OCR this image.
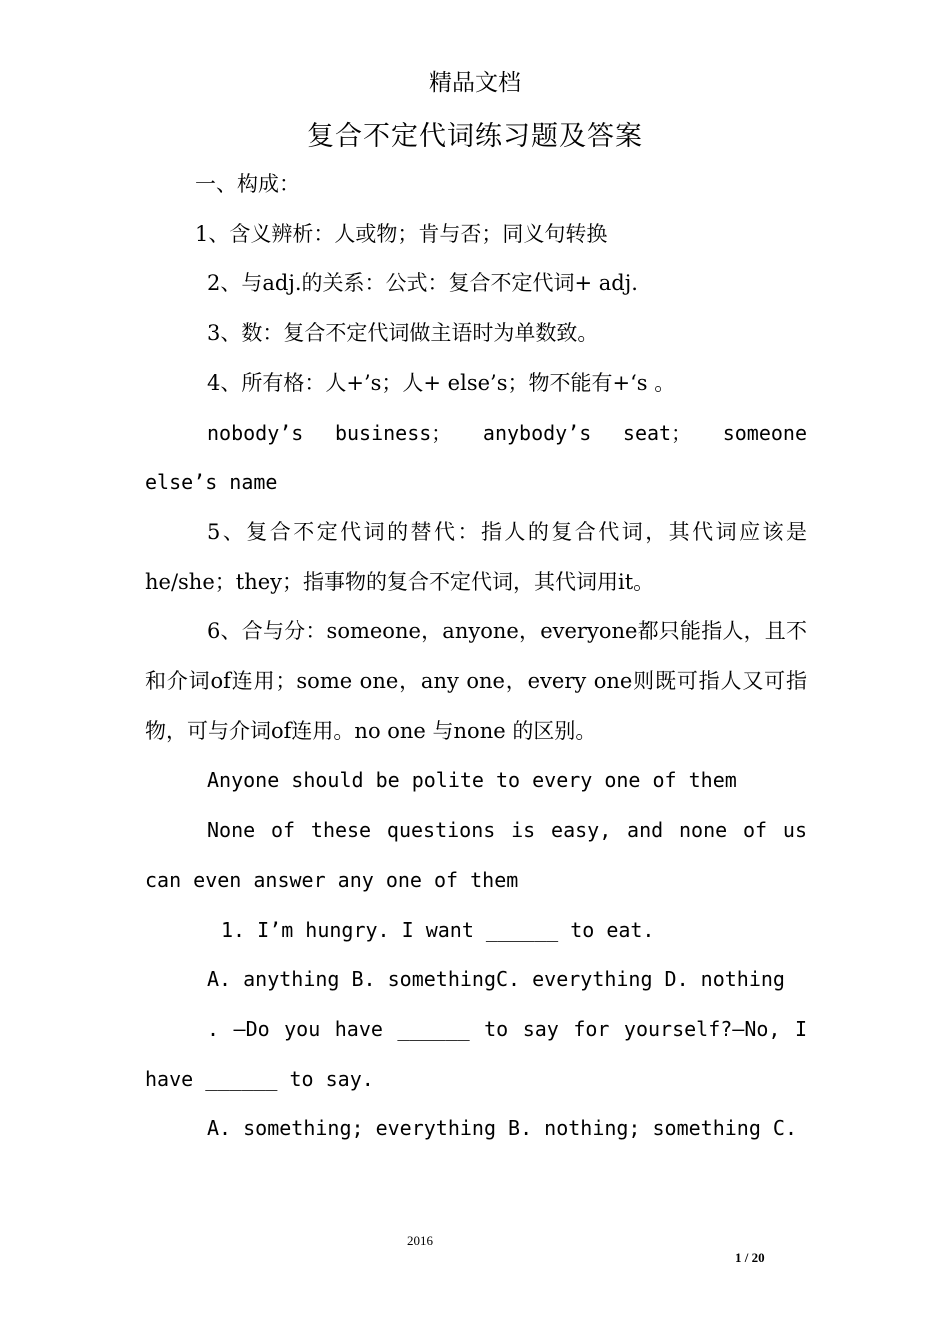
精品文档
复合不定代词练习题及答案

一、构成：

1、含义辨析：人或物；肯与否；同义句转换

2、与adj.的关系：公式：复合不定代词+ adj.

3、数：复合不定代词做主语时为单数致。

4、所有格：人+’s；人+ else’s；物不能有+‘s 。

nobody’s business； anybody’s seat； someone else’s name

5、复合不定代词的替代：指人的复合代词，其代词应该是he/she；they；指事物的复合不定代词，其代词用it。

6、合与分：someone，anyone，everyone都只能指人，且不和介词of连用；some one，any one，every one则既可指人又可指物，可与介词of连用。no one 与none 的区别。

Anyone should be polite to every one of them

None of these questions is easy, and none of us can even answer any one of them

1. I’m hungry. I want ______ to eat.

A. anything B. somethingC. everything D. nothing

. —Do you have ______ to say for yourself?—No, I have ______ to say.

A. something; everything B. nothing; something C.

2016
1 / 20
